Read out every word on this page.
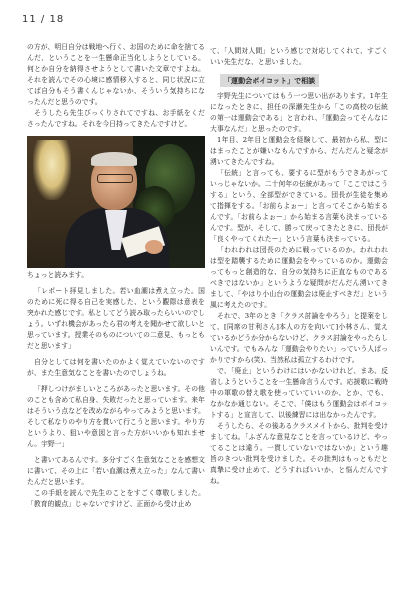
11 / 18

の方が、明日自分は戦地へ行く、お国のために命を捨てるんだ、ということを一生懸命正当化しようとしている。何とか自分を納得させようとして書いた文章ですよね。それを読んでその心境に感情移入すると、同じ状況に立てば自分もそう書くんじゃないか、そういう気持ちになったんだと思うのです。

そうしたら先生びっくりされてですね、お手紙をくださったんですね。それを今日持ってきたんですけど。

ちょっと読みます。

「レポート拝見しました。若い血潮は煮え立った。国のために死に得る自己を実感した、という觀際は意表を突かれた感じです。私としてどう読み取ったらいいのでしょう。いずれ機会があったら君の考えを聞かせて欲しいと思っています。授業そのものについての二意見、もっともだと思います」

自分としては何を書いたのかよく覚えていないのですが、また生意気なことを書いたのでしょうね。

「押しつけがましいところがあったと思います。その他のことも含めて私自身、失敗だったと思っています。来年はそういう点などを改めながらやってみようと思います。そして私なりのやり方を貫いて行こうと思います。やり方というより、狙いや意図と言った方がいいかも知れません。宇野一」

と書いてあるんです。多分すごく生意気なことを感想文に書いて、その上に「若い血潮は煮え立った」なんて書いたんだと思います。

この手紙を読んで先生のことをすごく尊敬しました。「教育的観点」じゃないですけど、正面から受け止め

て、「人間対人間」という感じで対応してくれて、すごくいい先生だな、と思いました。

「運動会ボイコット」で相談

宇野先生についてはもう一つ思い出があります。1年生になったときに、担任の深瀬先生から「この高校の伝統の第一は運動会である」と言われ、「運動会ってそんなに大事なんだ」と思ったのです。

1年目、2年目と運動会を経験して、最初から私、型にはまったことが嫌いなもんですから、だんだんと疑念が湧いてきたんですね。

「伝統」と言っても、要するに型がもうできあがっていっじゃないか。二十何年の伝統があって「ここではこうする」という、全部型ができている。団長が生徒を集めて指揮をする。「お前らよぉー」と言ってそこから始まるんです。「お前らよぉー」から始まる言葉も決まっているんです。型が、そして、勝って戻ってきたときに、団長が「良くやってくれたー」という言葉も決まっている。

「われわれは団長のために戦っているのか。われわれは型を踏襲するために運動会をやっているのか。運動会ってもっと創造的な、自分の気持ちに正直なものであるべきではないか」というような疑問がだんだん湧いてきまして、「やはり小山台の運動会は廃止すべきだ」という風に考えたのです。

それで、3年のとき「クラス討論をやろう」と提案をして、[同席の甘利さん]本人の方を向いて]小林さん、覚えているかどうか分からないけど、クラス討論をやったらしいんです。でもみんな「運動会やりたい」っていう人ばっかりですから(笑)、当然私は孤立するわけです。

で、「廃止」というわけにはいかないけれど、まあ、反省しようということを一生懸命言うんです。応援歌に戦時中の軍歌の替え歌を使っていていいのか、とか、でも、なかなか通じない。そこで、「僕はもう運動会はボイコットする」と宣言して、以後練習には出なかったんです。

そうしたら、その後あるクラスメイトから、批判を受けましてね。「ふざんな意見なことを言っているけど、やってることは違う。一貫していないではないか」という趣旨のきつい批判を受けました。その批判はもっともだと真摯に受け止めて、どうすればいいか、と悩んだんですね。
